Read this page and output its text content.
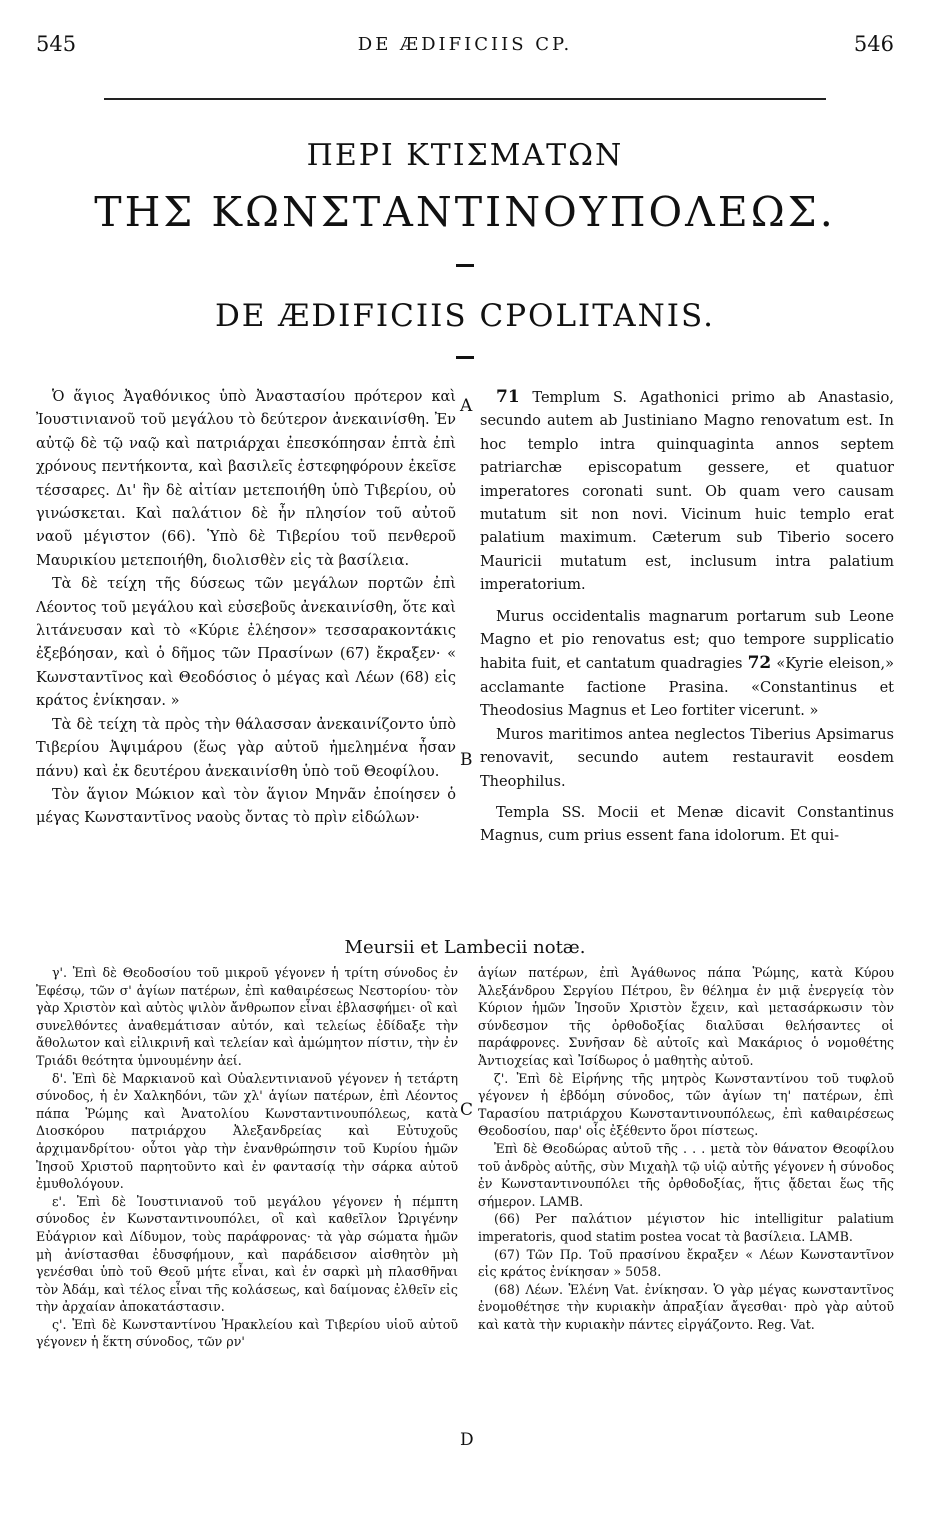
545	DE ÆDIFICIIS CP.	546
ΠΕΡΙ ΚΤΙΣΜΑΤΩΝ
ΤΗΣ ΚΩΝΣΤΑΝΤΙΝΟΥΠΟΛΕΩΣ.
DE ÆDIFICIIS CPOLITANIS.

Ὁ ἅγιος Ἀγαθόνικος ὑπὸ Ἀναστασίου πρότερον καὶ Ἰουστινιανοῦ τοῦ μεγάλου τὸ δεύτερον ἀνεκαινίσθη. Ἐν αὐτῷ δὲ τῷ ναῷ καὶ πατριάρχαι ἐπεσκόπησαν ἑπτὰ ἐπὶ χρόνους πεντήκοντα, καὶ βασιλεῖς ἐστεφηφόρουν ἐκεῖσε τέσσαρες. Δι' ἣν δὲ αἰτίαν μετεποιήθη ὑπὸ Τιβερίου, οὐ γινώσκεται. Καὶ παλάτιον δὲ ἦν πλησίον τοῦ αὐτοῦ ναοῦ μέγιστον (66). Ὑπὸ δὲ Τιβερίου τοῦ πενθεροῦ Μαυρικίου μετεποιήθη, διολισθὲν εἰς τὰ βασίλεια.

Τὰ δὲ τείχη τῆς δύσεως τῶν μεγάλων πορτῶν ἐπὶ Λέοντος τοῦ μεγάλου καὶ εὐσεβοῦς ἀνεκαινίσθη, ὅτε καὶ λιτάνευσαν καὶ τὸ «Κύριε ἐλέησον» τεσσαρακοντάκις ἐξεβόησαν, καὶ ὁ δῆμος τῶν Πρασίνων (67) ἔκραξεν· « Κωνσταντῖνος καὶ Θεοδόσιος ὁ μέγας καὶ Λέων (68) εἰς κράτος ἐνίκησαν. »

Τὰ δὲ τείχη τὰ πρὸς τὴν θάλασσαν ἀνεκαινίζοντο ὑπὸ Τιβερίου Ἀψιμάρου (ἕως γὰρ αὐτοῦ ἠμελημένα ἦσαν πάνυ) καὶ ἐκ δευτέρου ἀνεκαινίσθη ὑπὸ τοῦ Θεοφίλου.

Τὸν ἅγιον Μώκιον καὶ τὸν ἅγιον Μηνᾶν ἐποίησεν ὁ μέγας Κωνσταντῖνος ναοὺς ὄντας τὸ πρὶν εἰδώλων·

A
B
C
D

71 Templum S. Agathonici primo ab Anastasio, secundo autem ab Justiniano Magno renovatum est. In hoc templo intra quinquaginta annos septem patriarchæ episcopatum gessere, et quatuor imperatores coronati sunt. Ob quam vero causam mutatum sit non novi. Vicinum huic templo erat palatium maximum. Cæterum sub Tiberio socero Mauricii mutatum est, inclusum intra palatium imperatorium.

Murus occidentalis magnarum portarum sub Leone Magno et pio renovatus est; quo tempore supplicatio habita fuit, et cantatum quadragies 72 «Kyrie eleison,» acclamante factione Prasina. «Constantinus et Theodosius Magnus et Leo fortiter vicerunt. »

Muros maritimos antea neglectos Tiberius Apsimarus renovavit, secundo autem restauravit eosdem Theophilus.

Templa SS. Mocii et Menæ dicavit Constantinus Magnus, cum prius essent fana idolorum. Et qui-

Meursii et Lambecii notæ.

γ'. Ἐπὶ δὲ Θεοδοσίου τοῦ μικροῦ γέγονεν ἡ τρίτη σύνοδος ἐν Ἐφέσῳ, τῶν σ' ἁγίων πατέρων, ἐπὶ καθαιρέσεως Νεστορίου· τὸν γὰρ Χριστὸν καὶ αὐτὸς ψιλὸν ἄνθρωπον εἶναι ἐβλασφήμει· οἳ καὶ συνελθόντες ἀναθεμάτισαν αὐτόν, καὶ τελείως ἐδίδαξε τὴν ἄθολωτον καὶ εἰλικρινῆ καὶ τελείαν καὶ ἀμώμητον πίστιν, τὴν ἐν Τριάδι θεότητα ὑμνουμένην ἀεί.

δ'. Ἐπὶ δὲ Μαρκιανοῦ καὶ Οὐαλεντινιανοῦ γέγονεν ἡ τετάρτη σύνοδος, ἡ ἐν Χαλκηδόνι, τῶν χλ' ἁγίων πατέρων, ἐπὶ Λέοντος πάπα Ῥώμης καὶ Ἀνατολίου Κωνσταντινουπόλεως, κατὰ Διοσκόρου πατριάρχου Ἀλεξανδρείας καὶ Εὐτυχοῦς ἀρχιμανδρίτου· οὗτοι γὰρ τὴν ἐνανθρώπησιν τοῦ Κυρίου ἡμῶν Ἰησοῦ Χριστοῦ παρητοῦντο καὶ ἐν φαντασίᾳ τὴν σάρκα αὐτοῦ ἐμυθολόγουν.

ε'. Ἐπὶ δὲ Ἰουστινιανοῦ τοῦ μεγάλου γέγονεν ἡ πέμπτη σύνοδος ἐν Κωνσταντινουπόλει, οἳ καὶ καθεῖλον Ὠριγένην Εὐάγριον καὶ Δίδυμον, τοὺς παράφρονας· τὰ γὰρ σώματα ἡμῶν μὴ ἀνίστασθαι ἐδυσφήμουν, καὶ παράδεισον αἰσθητὸν μὴ γενέσθαι ὑπὸ τοῦ Θεοῦ μήτε εἶναι, καὶ ἐν σαρκὶ μὴ πλασθῆναι τὸν Ἀδάμ, καὶ τέλος εἶναι τῆς κολάσεως, καὶ δαίμονας ἐλθεῖν εἰς τὴν ἀρχαίαν ἀποκατάστασιν.

ς'. Ἐπὶ δὲ Κωνσταντίνου Ἡρακλείου καὶ Τιβερίου υἱοῦ αὐτοῦ γέγονεν ἡ ἕκτη σύνοδος, τῶν ρν'

ἁγίων πατέρων, ἐπὶ Ἀγάθωνος πάπα Ῥώμης, κατὰ Κύρου Ἀλεξάνδρου Σεργίου Πέτρου, ἓν θέλημα ἐν μιᾷ ἐνεργείᾳ τὸν Κύριον ἡμῶν Ἰησοῦν Χριστὸν ἔχειν, καὶ μετασάρκωσιν τὸν σύνδεσμον τῆς ὀρθοδοξίας διαλῦσαι θελήσαντες οἱ παράφρονες. Συνῆσαν δὲ αὐτοῖς καὶ Μακάριος ὁ νομοθέτης Ἀντιοχείας καὶ Ἰσίδωρος ὁ μαθητὴς αὐτοῦ.

ζ'. Ἐπὶ δὲ Εἰρήνης τῆς μητρὸς Κωνσταντίνου τοῦ τυφλοῦ γέγονεν ἡ ἑβδόμη σύνοδος, τῶν ἁγίων τη' πατέρων, ἐπὶ Ταρασίου πατριάρχου Κωνσταντινουπόλεως, ἐπὶ καθαιρέσεως Θεοδοσίου, παρ' οἷς ἐξέθεντο ὅροι πίστεως.

Ἐπὶ δὲ Θεοδώρας αὐτοῦ τῆς . . . μετὰ τὸν θάνατον Θεοφίλου τοῦ ἀνδρὸς αὐτῆς, σὺν Μιχαὴλ τῷ υἱῷ αὐτῆς γέγονεν ἡ σύνοδος ἐν Κωνσταντινουπόλει τῆς ὀρθοδοξίας, ἥτις ᾄδεται ἕως τῆς σήμερον. LAMB.

(66) Per παλάτιον μέγιστον hic intelligitur palatium imperatoris, quod statim postea vocat τὰ βασίλεια. LAMB.

(67) Τῶν Πρ. Τοῦ πρασίνου ἔκραξεν « Λέων Κωνσταντῖνον εἰς κράτος ἐνίκησαν » 5058.

(68) Λέων. Ἑλένη Vat. ἐνίκησαν. Ὁ γὰρ μέγας κωνσταντῖνος ἐνομοθέτησε τὴν κυριακὴν ἀπραξίαν ἄγεσθαι· πρὸ γὰρ αὐτοῦ καὶ κατὰ τὴν κυριακὴν πάντες εἰργάζοντο. Reg. Vat.
